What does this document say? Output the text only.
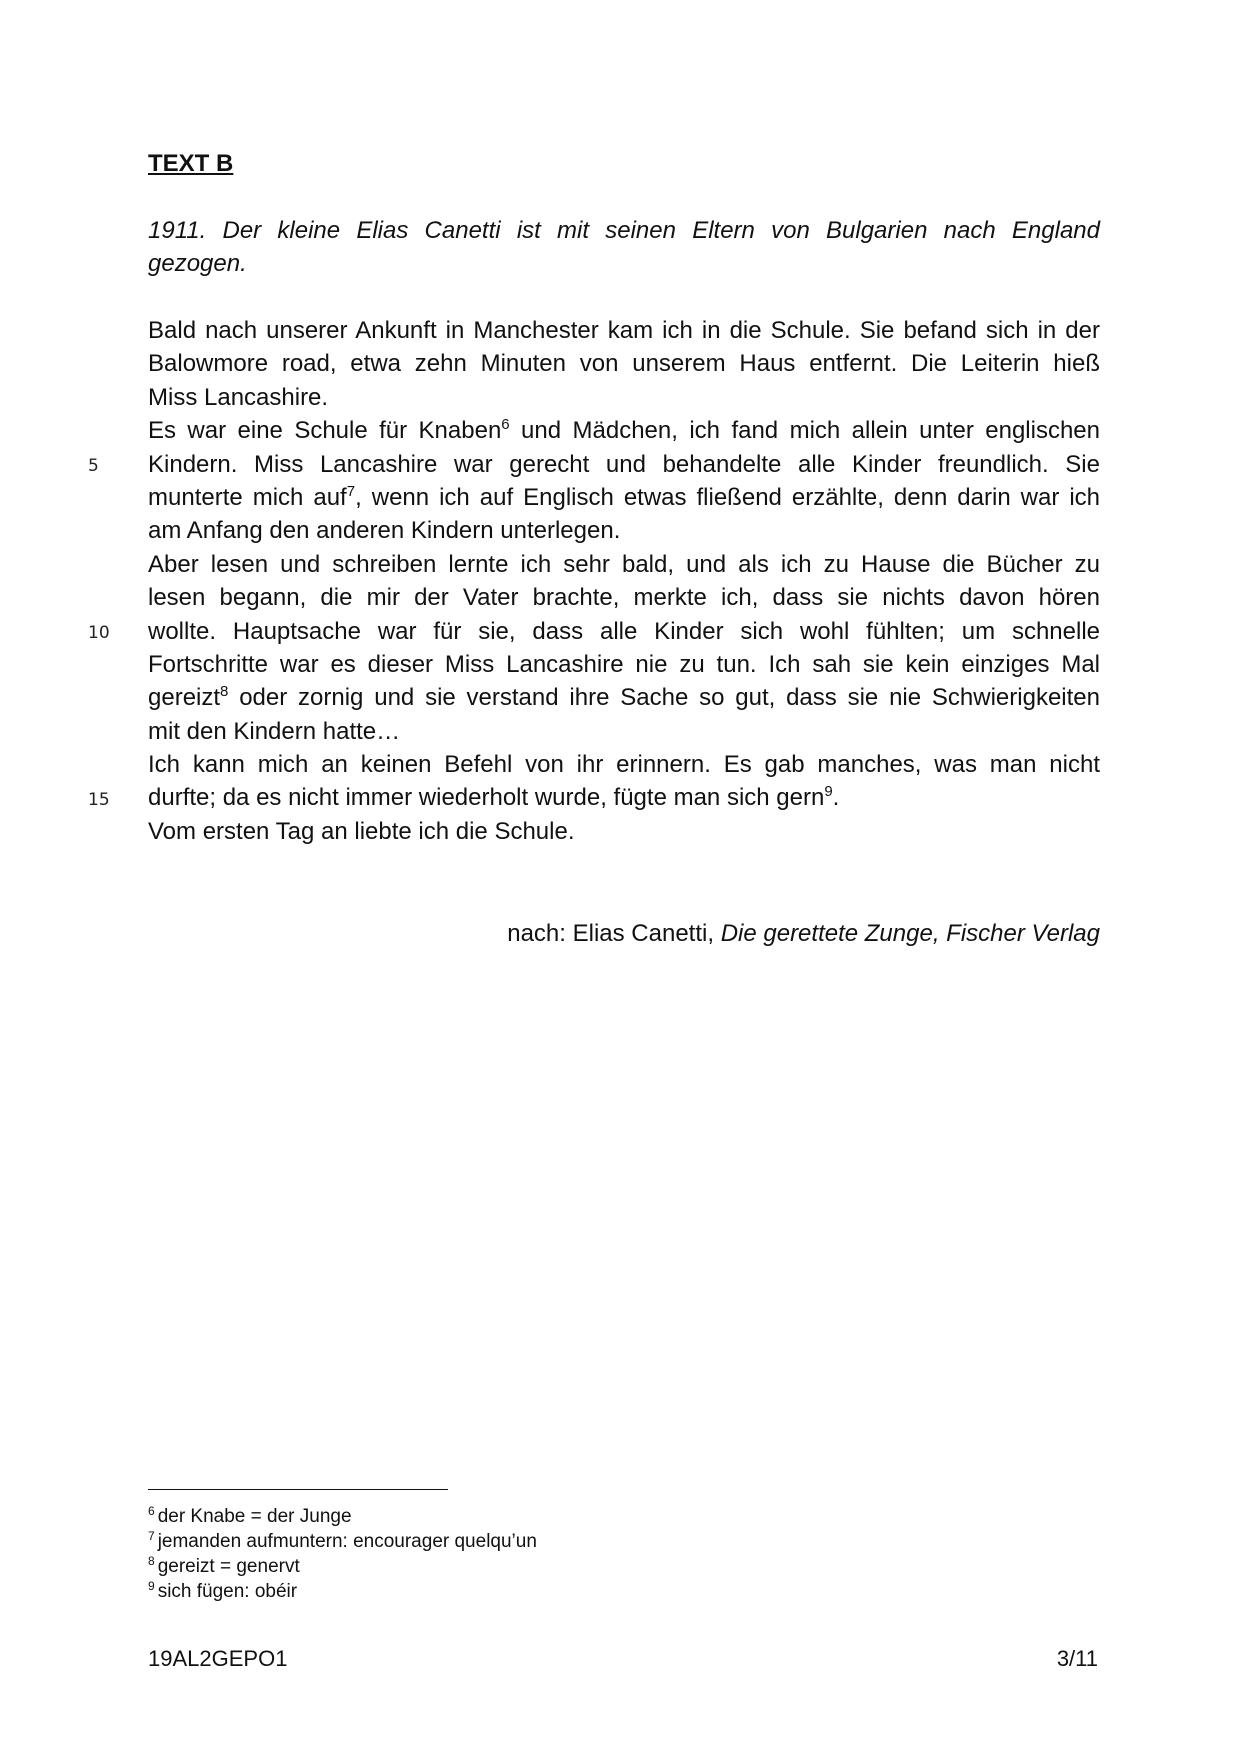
TEXT B
1911. Der kleine Elias Canetti ist mit seinen Eltern von Bulgarien nach England
gezogen.
Bald nach unserer Ankunft in Manchester kam ich in die Schule. Sie befand sich in der
Balowmore road, etwa zehn Minuten von unserem Haus entfernt. Die Leiterin hieß
Miss Lancashire.
Es war eine Schule für Knaben$^6$ und Mädchen, ich fand mich allein unter englischen
Kindern. Miss Lancashire war gerecht und behandelte alle Kinder freundlich. Sie
munterte mich auf$^7$, wenn ich auf Englisch etwas fließend erzählte, denn darin war ich
am Anfang den anderen Kindern unterlegen.
Aber lesen und schreiben lernte ich sehr bald, und als ich zu Hause die Bücher zu
lesen begann, die mir der Vater brachte, merkte ich, dass sie nichts davon hören
wollte. Hauptsache war für sie, dass alle Kinder sich wohl fühlten; um schnelle
Fortschritte war es dieser Miss Lancashire nie zu tun. Ich sah sie kein einziges Mal
gereizt$^8$ oder zornig und sie verstand ihre Sache so gut, dass sie nie Schwierigkeiten
mit den Kindern hatte…
Ich kann mich an keinen Befehl von ihr erinnern. Es gab manches, was man nicht
durfte; da es nicht immer wiederholt wurde, fügte man sich gern$^9$.
Vom ersten Tag an liebte ich die Schule.
5
10
15
nach: Elias Canetti, Die gerettete Zunge, Fischer Verlag
$^6$ der Knabe = der Junge
$^7$ jemanden aufmuntern: encourager quelqu’un
$^8$ gereizt = genervt
$^9$ sich fügen: obéir
19AL2GEPO1	3/11
